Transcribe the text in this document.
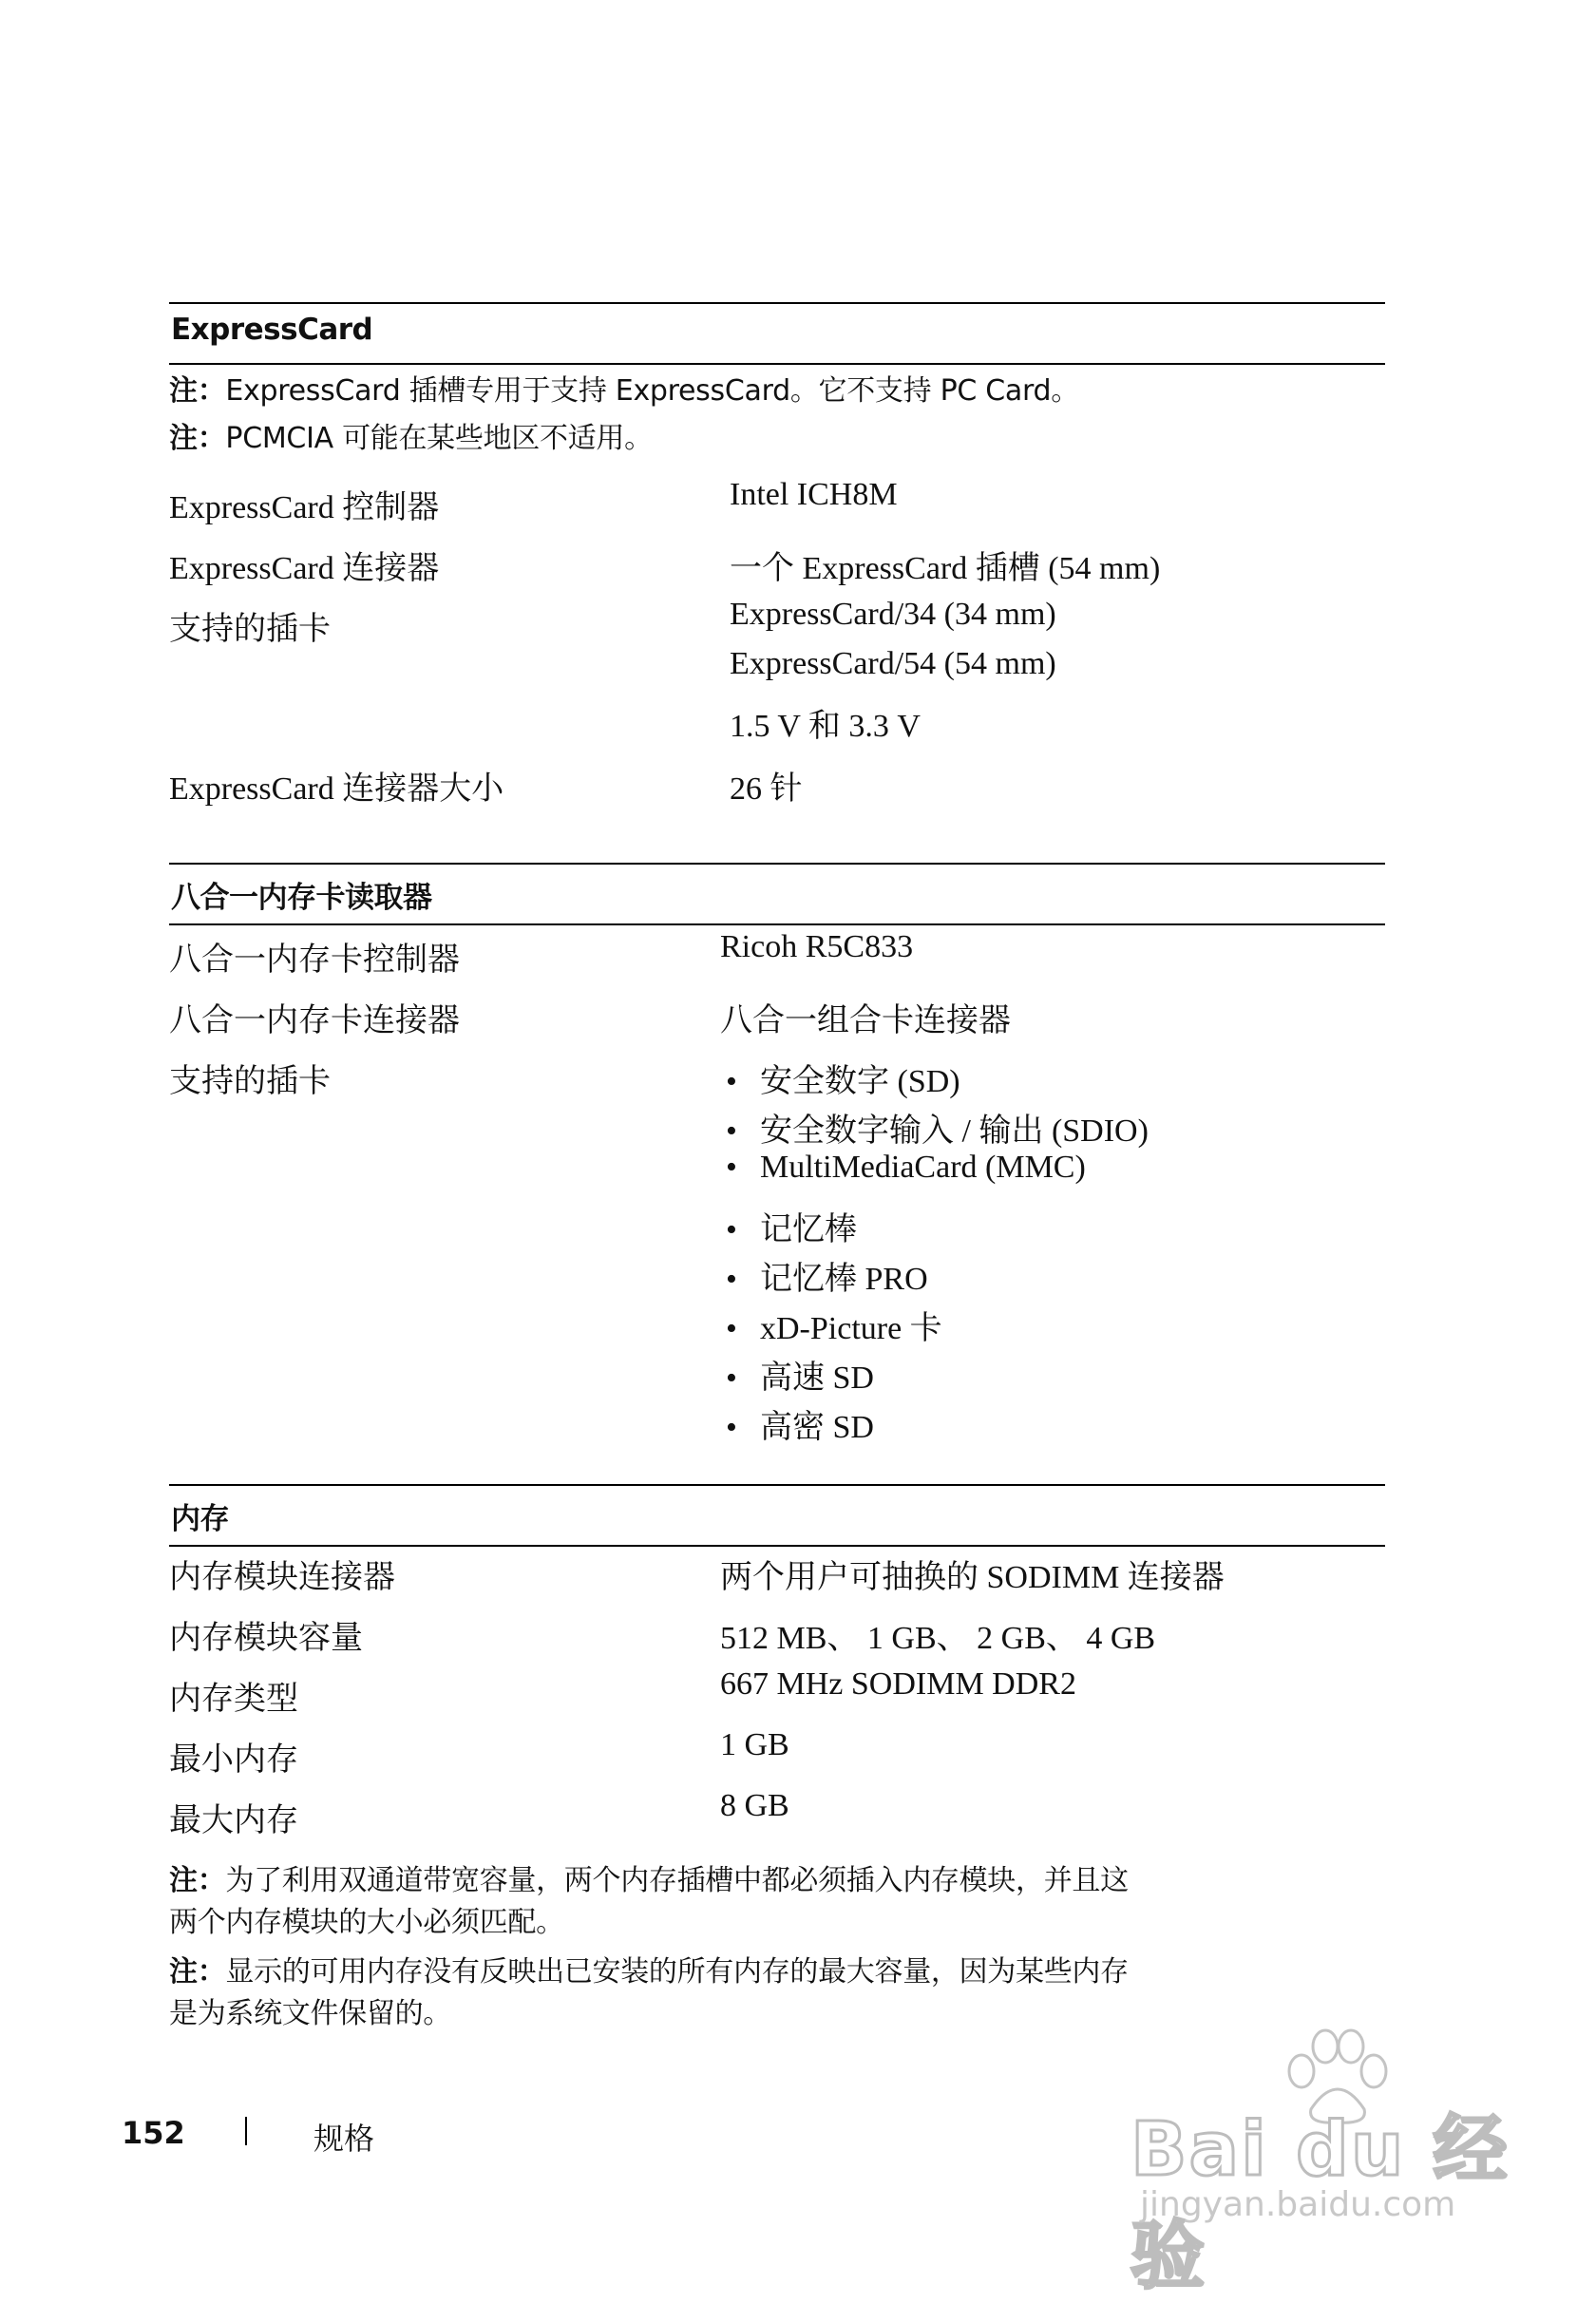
ExpressCard
注：ExpressCard 插槽专用于支持 ExpressCard。它不支持 PC Card。
注：PCMCIA 可能在某些地区不适用。
ExpressCard 控制器	Intel ICH8M
ExpressCard 连接器	一个 ExpressCard 插槽 (54 mm)
支持的插卡	ExpressCard/34 (34 mm)
ExpressCard/54 (54 mm)
1.5 V 和 3.3 V
ExpressCard 连接器大小	26 针
八合一内存卡读取器
八合一内存卡控制器	Ricoh R5C833
八合一内存卡连接器	八合一组合卡连接器
支持的插卡	• 安全数字 (SD)
• 安全数字输入 / 输出 (SDIO)
• MultiMediaCard (MMC)
• 记忆棒
• 记忆棒 PRO
• xD-Picture 卡
• 高速 SD
• 高密 SD
内存
内存模块连接器	两个用户可抽换的 SODIMM 连接器
内存模块容量	512 MB、 1 GB、 2 GB、 4 GB
内存类型	667 MHz SODIMM DDR2
最小内存	1 GB
最大内存	8 GB
注：为了利用双通道带宽容量，两个内存插槽中都必须插入内存模块，并且这
两个内存模块的大小必须匹配。
注：显示的可用内存没有反映出已安装的所有内存的最大容量，因为某些内存
是为系统文件保留的。
152	规格	Bai du 经验
jingyan.baidu.com
